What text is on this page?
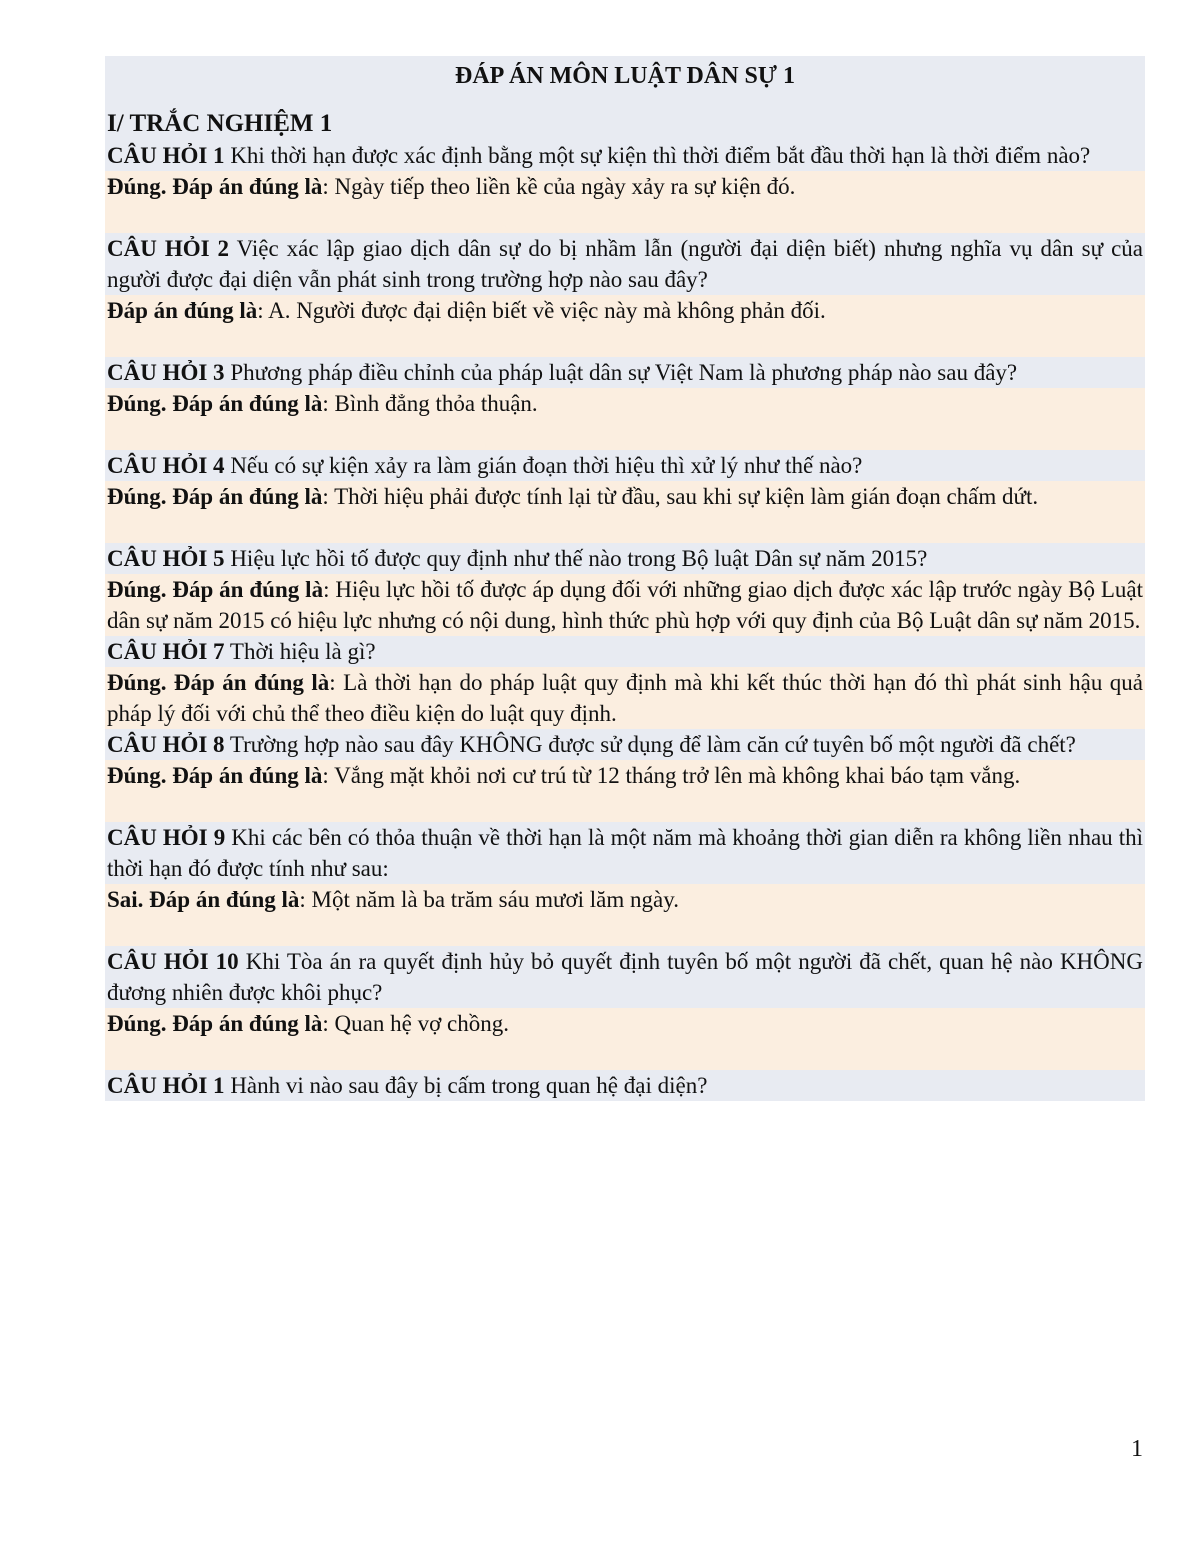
ĐÁP ÁN MÔN LUẬT DÂN SỰ 1
I/ TRẮC NGHIỆM 1

CÂU HỎI 1 Khi thời hạn được xác định bằng một sự kiện thì thời điểm bắt đầu thời hạn là thời điểm nào?

Đúng. Đáp án đúng là: Ngày tiếp theo liền kề của ngày xảy ra sự kiện đó.

CÂU HỎI 2 Việc xác lập giao dịch dân sự do bị nhầm lẫn (người đại diện biết) nhưng nghĩa vụ dân sự của người được đại diện vẫn phát sinh trong trường hợp nào sau đây?

Đáp án đúng là: A. Người được đại diện biết về việc này mà không phản đối.

CÂU HỎI 3 Phương pháp điều chỉnh của pháp luật dân sự Việt Nam là phương pháp nào sau đây?

Đúng. Đáp án đúng là: Bình đẳng thỏa thuận.

CÂU HỎI 4 Nếu có sự kiện xảy ra làm gián đoạn thời hiệu thì xử lý như thế nào?

Đúng. Đáp án đúng là: Thời hiệu phải được tính lại từ đầu, sau khi sự kiện làm gián đoạn chấm dứt.

CÂU HỎI 5 Hiệu lực hồi tố được quy định như thế nào trong Bộ luật Dân sự năm 2015?

Đúng. Đáp án đúng là: Hiệu lực hồi tố được áp dụng đối với những giao dịch được xác lập trước ngày Bộ Luật dân sự năm 2015 có hiệu lực nhưng có nội dung, hình thức phù hợp với quy định của Bộ Luật dân sự năm 2015.

CÂU HỎI 7 Thời hiệu là gì?

Đúng. Đáp án đúng là: Là thời hạn do pháp luật quy định mà khi kết thúc thời hạn đó thì phát sinh hậu quả pháp lý đối với chủ thể theo điều kiện do luật quy định.

CÂU HỎI 8 Trường hợp nào sau đây KHÔNG được sử dụng để làm căn cứ tuyên bố một người đã chết?

Đúng. Đáp án đúng là: Vắng mặt khỏi nơi cư trú từ 12 tháng trở lên mà không khai báo tạm vắng.

CÂU HỎI 9 Khi các bên có thỏa thuận về thời hạn là một năm mà khoảng thời gian diễn ra không liền nhau thì thời hạn đó được tính như sau:

Sai. Đáp án đúng là: Một năm là ba trăm sáu mươi lăm ngày.

CÂU HỎI 10 Khi Tòa án ra quyết định hủy bỏ quyết định tuyên bố một người đã chết, quan hệ nào KHÔNG đương nhiên được khôi phục?

Đúng. Đáp án đúng là: Quan hệ vợ chồng.

CÂU HỎI 1 Hành vi nào sau đây bị cấm trong quan hệ đại diện?

1
